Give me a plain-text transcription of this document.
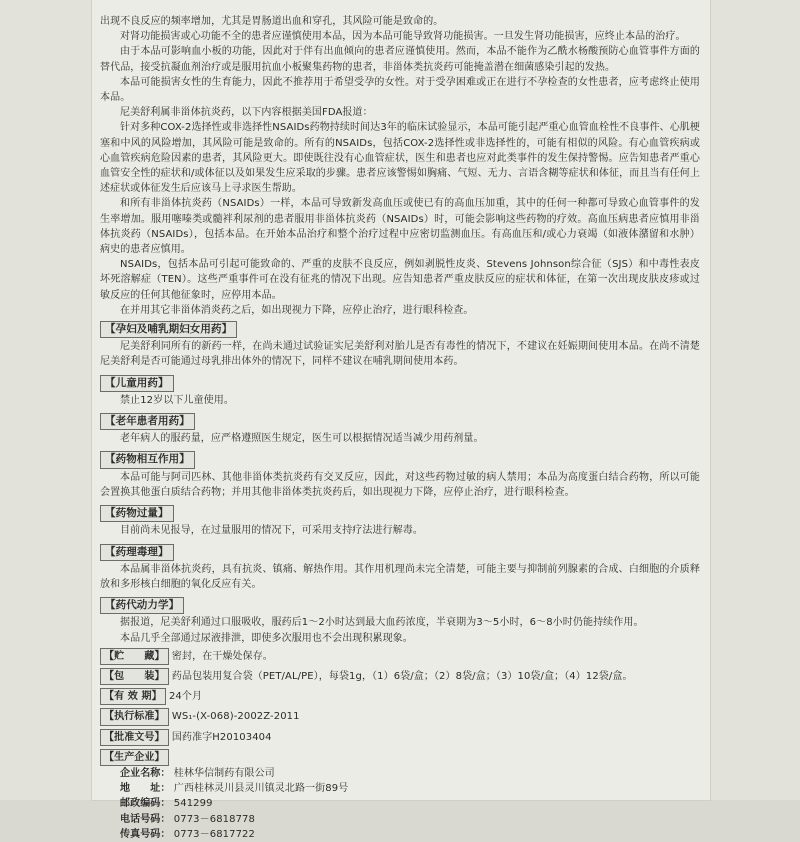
出现不良反应的频率增加，尤其是胃肠道出血和穿孔，其风险可能是致命的。

对肾功能损害或心功能不全的患者应谨慎使用本品，因为本品可能导致肾功能损害。一旦发生肾功能损害，应终止本品的治疗。

由于本品可影响血小板的功能，因此对于伴有出血倾向的患者应谨慎使用。然而，本品不能作为乙酰水杨酸预防心血管事件方面的替代品，接受抗凝血剂治疗或是服用抗血小板聚集药物的患者，非甾体类抗炎药可能掩盖潜在细菌感染引起的发热。

本品可能损害女性的生育能力，因此不推荐用于希望受孕的女性。对于受孕困难或正在进行不孕检查的女性患者，应考虑终止使用本品。

尼美舒利属非甾体抗炎药，以下内容根据美国FDA报道：

针对多种COX-2选择性或非选择性NSAIDs药物持续时间达3年的临床试验显示，本品可能引起严重心血管血栓性不良事件、心肌梗塞和中风的风险增加，其风险可能是致命的。所有的NSAIDs，包括COX-2选择性或非选择性的，可能有相似的风险。有心血管疾病或心血管疾病危险因素的患者，其风险更大。即使既往没有心血管症状，医生和患者也应对此类事件的发生保持警惕。应告知患者严重心血管安全性的症状和/或体征以及如果发生应采取的步骤。患者应该警惕如胸痛、气短、无力、言语含糊等症状和体征，而且当有任何上述症状或体征发生后应该马上寻求医生帮助。

和所有非甾体抗炎药（NSAIDs）一样，本品可导致新发高血压或使已有的高血压加重，其中的任何一种都可导致心血管事件的发生率增加。服用噻嗪类或髓袢利尿剂的患者服用非甾体抗炎药（NSAIDs）时，可能会影响这些药物的疗效。高血压病患者应慎用非甾体抗炎药（NSAIDs），包括本品。在开始本品治疗和整个治疗过程中应密切监测血压。有高血压和/或心力衰竭（如液体潴留和水肿）病史的患者应慎用。

NSAIDs，包括本品可引起可能致命的、严重的皮肤不良反应，例如剥脱性皮炎、Stevens Johnson综合征（SJS）和中毒性表皮坏死溶解症（TEN）。这些严重事件可在没有征兆的情况下出现。应告知患者严重皮肤反应的症状和体征，在第一次出现皮肤皮疹或过敏反应的任何其他征象时，应停用本品。

在并用其它非甾体消炎药之后，如出现视力下降，应停止治疗，进行眼科检查。

【孕妇及哺乳期妇女用药】

尼美舒利同所有的新药一样，在尚未通过试验证实尼美舒利对胎儿是否有毒性的情况下，不建议在妊娠期间使用本品。在尚不清楚尼美舒利是否可能通过母乳排出体外的情况下，同样不建议在哺乳期间使用本药。

【儿童用药】

禁止12岁以下儿童使用。

【老年患者用药】

老年病人的服药量，应严格遵照医生规定，医生可以根据情况适当减少用药剂量。

【药物相互作用】

本品可能与阿司匹林、其他非甾体类抗炎药有交叉反应，因此，对这些药物过敏的病人禁用；本品为高度蛋白结合药物，所以可能会置换其他蛋白质结合药物；并用其他非甾体类抗炎药后，如出现视力下降，应停止治疗，进行眼科检查。

【药物过量】

目前尚未见报导，在过量服用的情况下，可采用支持疗法进行解毒。

【药理毒理】

本品属非甾体抗炎药，具有抗炎、镇痛、解热作用。其作用机理尚未完全清楚，可能主要与抑制前列腺素的合成、白细胞的介质释放和多形核白细胞的氧化反应有关。

【药代动力学】

据报道，尼美舒利通过口服吸收，服药后1～2小时达到最大血药浓度，半衰期为3～5小时，6～8小时仍能持续作用。

本品几乎全部通过尿液排泄，即使多次服用也不会出现积累现象。

【贮　　藏】 密封，在干燥处保存。

【包　　装】 药品包装用复合袋（PET/AL/PE），每袋1g，（1）6袋/盒；（2）8袋/盒；（3）10袋/盒；（4）12袋/盒。

【有 效 期】 24个月

【执行标准】 WS₁-(X-068)-2002Z-2011

【批准文号】 国药准字H20103404

【生产企业】

企业名称： 桂林华信制药有限公司

地　　址： 广西桂林灵川县灵川镇灵北路一街89号

邮政编码： 541299

电话号码： 0773－6818778

传真号码： 0773－6817722
